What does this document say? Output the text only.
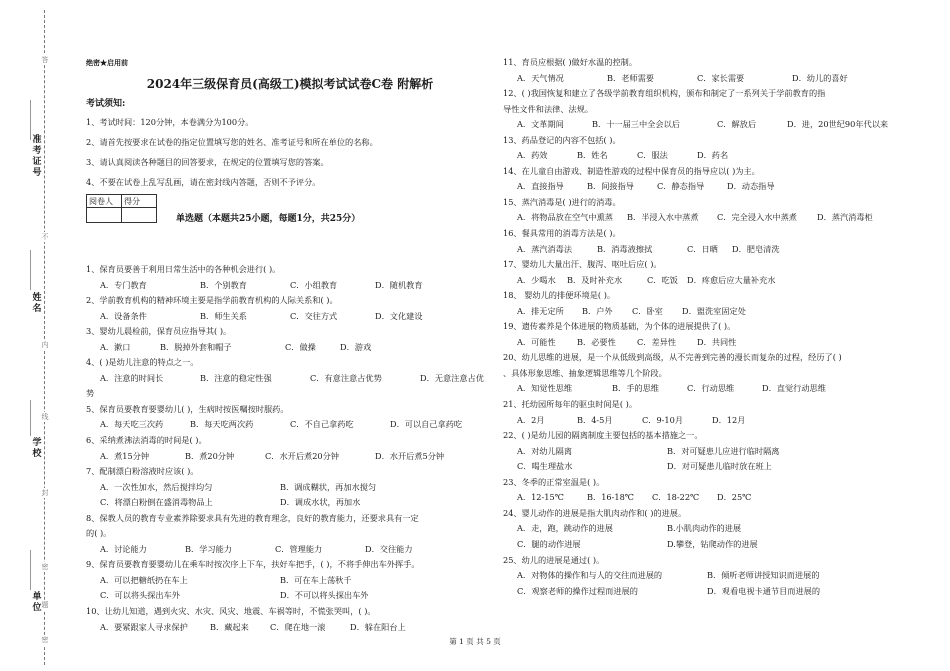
答
不
内
线
封
密
题
密
准考证号
姓名
学校
单位
绝密★启用前
2024年三级保育员(高级工)模拟考试试卷C卷 附解析
考试须知:
1、考试时间：120分钟，本卷满分为100分。
2、请首先按要求在试卷的指定位置填写您的姓名、准考证号和所在单位的名称。
3、请认真阅读各种题目的回答要求，在规定的位置填写您的答案。
4、不要在试卷上乱写乱画，请在密封线内答题，否则不予评分。
阅卷人	得分

单选题（本题共25小题，每题1分，共25分）
1、保育员要善于利用日常生活中的各种机会进行( )。
A．专门教育	B．个别教育	C．小组教育	D．随机教育
2、学前教育机构的精神环境主要是指学前教育机构的人际关系和( )。
A．设备条件	B．师生关系	C．交往方式	D．文化建设
3、婴幼儿晨检前，保育员应指导其( )。
A．漱口	B．脱掉外套和帽子	C．做操	D．游戏
4、( )是幼儿注意的特点之一。
A．注意的时间长	B．注意的稳定性强	C．有意注意占优势	D．无意注意占优
势
5、保育员要教育要婴幼儿( )，生病时按医嘱按时服药。
A．每天吃三次药	B．每天吃两次药	C．不自己拿药吃	D．可以自己拿药吃
6、采纳煮沸法消毒的时间是( )。
A．煮15分钟	B．煮20分钟	C．水开后煮20分钟	D．水开后煮5分钟
7、配制漂白粉溶液时应该( )。
A．一次性加水，然后搅拌均匀	B．调成糊状，再加水搅匀
C．将漂白粉倒在盛消毒物品上	D．调成水状，再加水
8、保教人员的教育专业素养除要求具有先进的教育理念，良好的教育能力，还要求具有一定
的( )。
A．讨论能力	B．学习能力	C．管理能力	D．交往能力
9、保育员要教育要婴幼儿在乘车时按次序上下车，扶好车把手，( )，不将手伸出车外挥手。
A．可以把糖纸扔在车上	B．可在车上荡秋千
C．可以将头探出车外	D．不可以将头探出车外
10、让幼儿知道，遇到火灾、水灾、风灾、地震、车祸等时，不慌张哭叫，( )。
A．要紧跟家人寻求保护	B．藏起来	C．爬在地一滚	D．躲在阳台上
11、育员应根据( )做好水温的控制。
A．天气情况	B．老师需要	C．家长需要	D．幼儿的喜好
12、( )我国恢复和建立了各级学前教育组织机构，颁布和制定了一系列关于学前教育的指
导性文件和法律、法规。
A．文革期间	B．十一届三中全会以后	C．解放后	D．进，20世纪90年代以来
13、药品登记的内容不包括( )。
A．药效	B．姓名	C．服法	D．药名
14、在儿童自由游戏、制造性游戏的过程中保育员的指导应以( )为主。
A．直接指导	B．间接指导	C．静态指导	D．动态指导
15、蒸汽消毒是( )进行的消毒。
A．将物品放在空气中熏蒸	B．半浸入水中蒸煮	C．完全浸入水中蒸煮	D．蒸汽消毒柜
16、餐具常用的消毒方法是( )。
A．蒸汽消毒法	B．消毒液擦拭	C．日晒	D．肥皂清洗
17、婴幼儿大量出汗、腹泻、呕吐后应( )。
A．少喝水	B．及时补充水	C．吃饭	D．疼愈后应大量补充水
18、 婴幼儿的排便环境是( )。
A．排无定所	B．户外	C．卧室	D．盥洗室固定处
19、遗传素养是个体进展的物质基础，为个体的进展提供了( )。
A．可能性	B．必要性	C．差异性	D．共同性
20、幼儿思维的进展，是一个从低级到高级，从不完善到完善的漫长而复杂的过程，经历了( )
、具体形象思维、抽象逻辑思维等几个阶段。
A．知觉性思维	B．手的思维	C．行动思维	D．直觉行动思维
21、托幼园所每年的驱虫时间是( )。
A．2月	B．4-5月	C．9-10月	D．12月
22、( )是幼儿园的隔离制度主要包括的基本措施之一。
A．对幼儿隔离	B．对可疑患儿应进行临时隔离
C．喝生理盐水	D．对可疑患儿临时放在班上
23、冬季的正常室温是( )。
A．12-15℃	B．16-18℃	C．18-22℃	D．25℃
24、婴儿动作的进展是指大肌肉动作和( )的进展。
A．走，跑，跳动作的进展	B.小肌肉动作的进展
C．腿的动作进展	D.攀登，钻爬动作的进展
25、幼儿的进展是通过( )。
A．对物体的操作和与人的交往而进展的	B．倾听老师讲授知识而进展的
C．观察老师的操作过程而进展的	D．观看电视卡通节目而进展的
第 1 页 共 5 页
